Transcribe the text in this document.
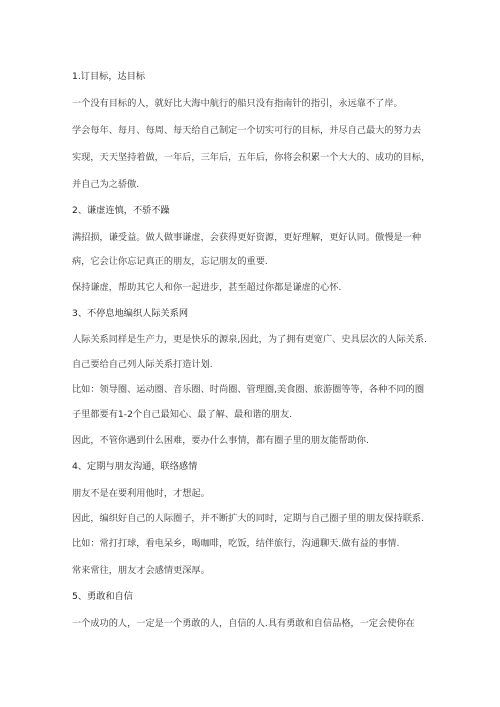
1.订目标，达目标
一个没有目标的人，就好比大海中航行的船只没有指南针的指引，永远靠不了岸。
学会每年、每月、每周、每天给自己制定一个切实可行的目标，并尽自己最大的努力去
实现，天天坚持着做，一年后，三年后，五年后，你将会积累一个大大的、成功的目标，
并自己为之骄傲.
2、谦虚连慎，不骄不躁
满招损，谦受益。做人做事谦虚，会获得更好资源，更好理解，更好认同。傲慢是一种
病，它会让你忘记真正的朋友，忘记朋友的重要.
保持谦虚，帮助其它人和你一起进步，甚至超过你都是谦虚的心怀.
3、不停息地编织人际关系网
人际关系同样是生产力，更是快乐的源泉,因此，为了拥有更宽广、史具层次的人际关系.
自己要给自己列人际关系打造计划.
比如：领导圈、运动圈、音乐圈、时尚圈、管理圈,美食圈、旅游圈等等，各种不同的圈
子里都要有1-2个自己最知心、最了解、最和谐的朋友.
因此，不管你遇到什么困难，要办什么事情，都有圈子里的朋友能帮助你.
4、定期与朋友沟通，联络感情
朋友不是在要利用他时，才想起。
因此，编织好自己的人际圈子，并不断扩大的同时，定期与自己圈子里的朋友保持联系.
比如：常打打球，看电呆乡，喝咖啡，吃饭，结伴旅行，沟通聊天.做有益的事情.
常来常往，朋友才会感情更深厚。
5、勇敢和自信
一个成功的人，一定是一个勇敢的人，自信的人.具有勇敢和自信品格，一定会使你在
